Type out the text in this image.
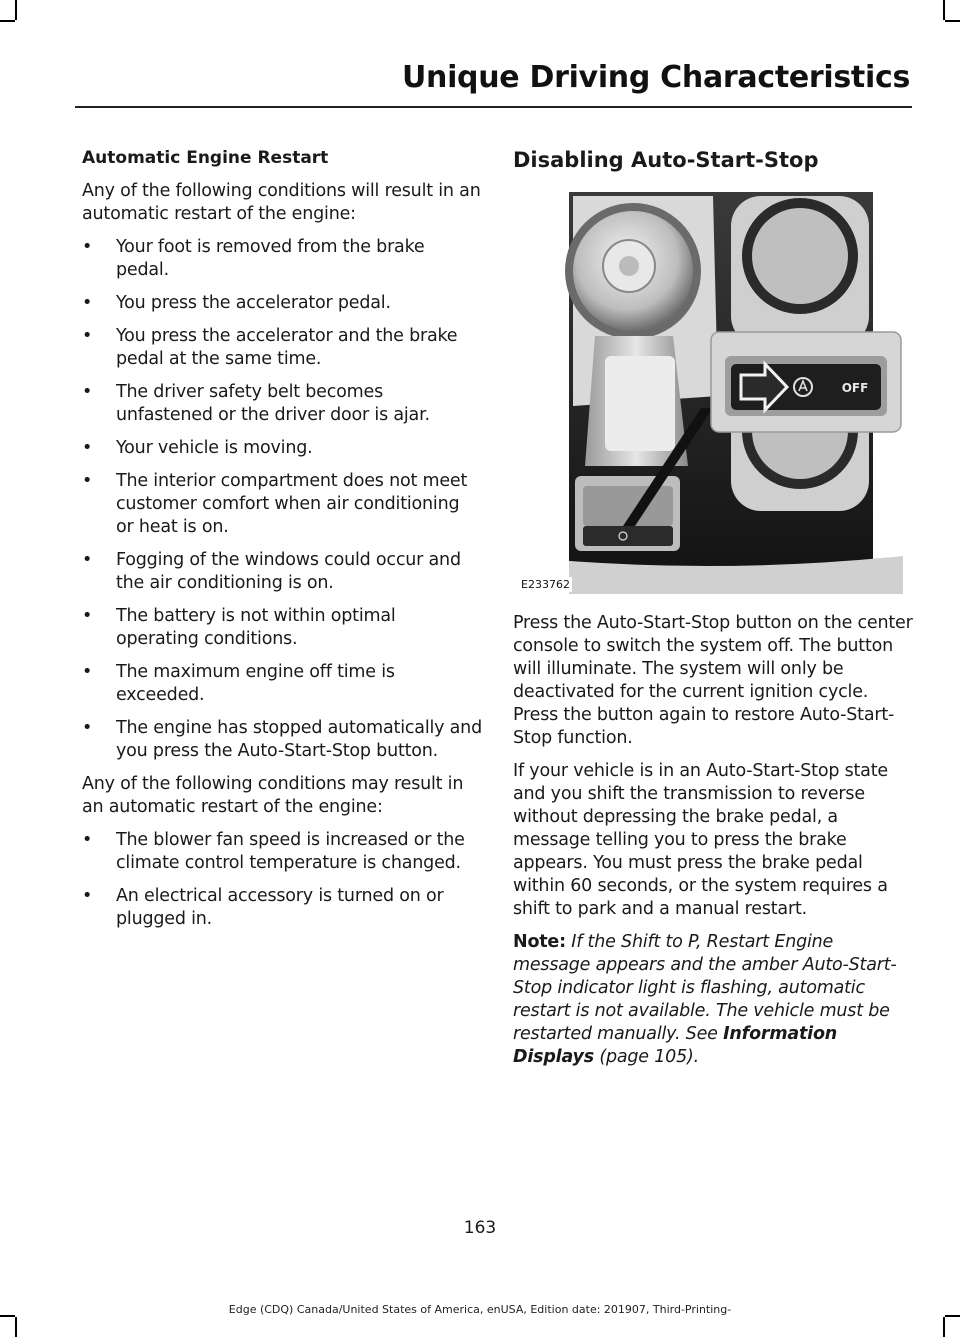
Unique Driving Characteristics
Automatic Engine Restart

Any of the following conditions will result in an automatic restart of the engine:

• Your foot is removed from the brake pedal.
• You press the accelerator pedal.
• You press the accelerator and the brake pedal at the same time.
• The driver safety belt becomes unfastened or the driver door is ajar.
• Your vehicle is moving.
• The interior compartment does not meet customer comfort when air conditioning or heat is on.
• Fogging of the windows could occur and the air conditioning is on.
• The battery is not within optimal operating conditions.
• The maximum engine off time is exceeded.
• The engine has stopped automatically and you press the Auto-Start-Stop button.

Any of the following conditions may result in an automatic restart of the engine:

• The blower fan speed is increased or the climate control temperature is changed.
• An electrical accessory is turned on or plugged in.
Disabling Auto-Start-Stop
OFF
E233762

Press the Auto-Start-Stop button on the center console to switch the system off. The button will illuminate. The system will only be deactivated for the current ignition cycle. Press the button again to restore Auto-Start-Stop function.

If your vehicle is in an Auto-Start-Stop state and you shift the transmission to reverse without depressing the brake pedal, a message telling you to press the brake appears. You must press the brake pedal within 60 seconds, or the system requires a shift to park and a manual restart.

Note: If the Shift to P, Restart Engine message appears and the amber Auto-Start-Stop indicator light is flashing, automatic restart is not available. The vehicle must be restarted manually. See Information Displays (page 105).

163
Edge (CDQ) Canada/United States of America, enUSA, Edition date: 201907, Third-Printing-
